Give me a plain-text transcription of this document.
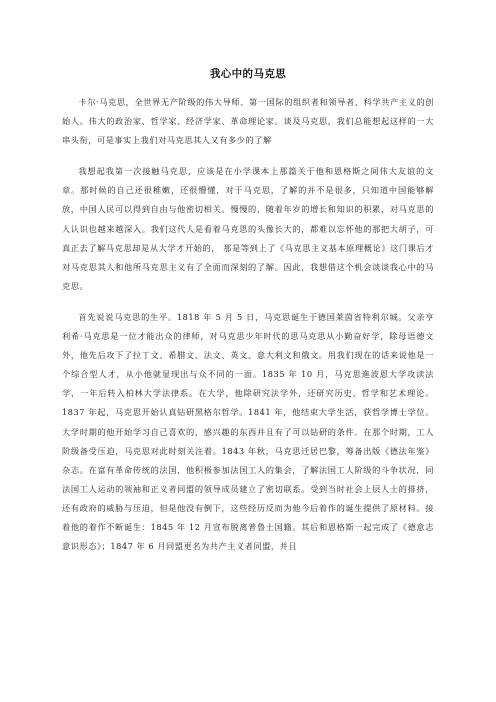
我心中的马克思

卡尔·马克思，全世界无产阶级的伟大导师、第一国际的组织者和领导者、科学共产主义的创始人。伟大的政治家、哲学家、经济学家、革命理论家。谈及马克思，我们总能想起这样的一大串头衔，可是事实上我们对马克思其人又有多少的了解

我想起我第一次接触马克思，应该是在小学课本上那篇关于他和恩格斯之间伟大友谊的文章。那时候的自己还很稚嫩，还很懵懂，对于马克思，了解的并不是很多，只知道中国能够解放，中国人民可以得到自由与他密切相关。慢慢的，随着年岁的增长和知识的积累，对马克思的人认识也越来越深入。我们这代人是看着马克思的头像长大的，都难以忘怀他的那把大胡子，可真正去了解马克思却是从大学才开始的， 那是等到上了《马克思主义基本原理概论》这门课后才对马克思其人和他所马克思主义有了全面而深刻的了解。因此，我想借这个机会谈谈我心中的马克思。

首先说说马克思的生平。1818 年 5 月 5 日，马克思诞生于德国莱茵省特利尔城。父亲亨利希·马克思是一位才能出众的律师，对马克思少年时代的思马克思从小勤奋好学，除母语德文外，他先后攻下了拉丁文、希腊文、法文、英文、意大利文和俄文。用我们现在的话来说他是一个综合型人才，从小他就显现出与众不同的一面。1835 年 10 月，马克思進波恩大学攻读法学，一年后转入柏林大学法律系。在大学，他除研究法学外，还研究历史、哲学和艺术理论。1837 年起，马克思开始认真钻研黑格尔哲学。1841 年，他结束大学生活，获哲学博士学位。大学时期的他开始学习自己喜欢的，感兴趣的东西并且有了可以钻研的条件。在那个时期，工人阶级备受压迫，马克思对此时刻关注着。1843 年秋，马克思迁居巴黎，筹备出版《德法年鉴》杂志。在富有革命传统的法国，他积极参加法国工人的集会，了解法国工人阶级的斗争状况，同法国工人运动的领袖和正义者同盟的领导成员建立了密切联系。受到当时社会上层人士的排挤，还有政府的威胁与压迫，但是他没有倒下，这些经历反而为他今后着作的诞生提供了原材料。接着他的着作不断诞生：1845 年 12 月宣布脱离普鲁士国籍。其后和恩格斯一起完成了《德意志意识形态》；1847 年 6 月同盟更名为共产主义者同盟，并且
